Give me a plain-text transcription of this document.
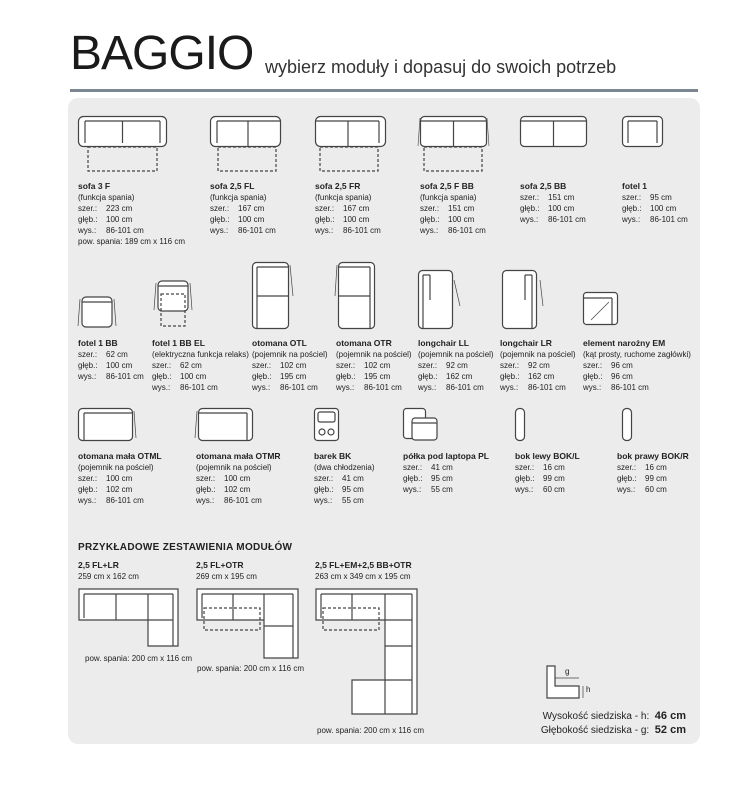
BAGGIO wybierz moduły i dopasuj do swoich potrzeb
sofa 3 F
(funkcja spania)
szer.: 223 cm
głęb.: 100 cm
wys.: 86-101 cm
pow. spania: 189 cm x 116 cm
sofa 2,5 FL
(funkcja spania)
szer.: 167 cm
głęb.: 100 cm
wys.: 86-101 cm
sofa 2,5 FR
(funkcja spania)
szer.: 167 cm
głęb.: 100 cm
wys.: 86-101 cm
sofa 2,5 F BB
(funkcja spania)
szer.: 151 cm
głęb.: 100 cm
wys.: 86-101 cm
sofa 2,5 BB
szer.: 151 cm
głęb.: 100 cm
wys.: 86-101 cm
fotel 1
szer.: 95 cm
głęb.: 100 cm
wys.: 86-101 cm
fotel 1 BB
szer.: 62 cm
głęb.: 100 cm
wys.: 86-101 cm
fotel 1 BB EL
(elektryczna funkcja relaks)
szer.: 62 cm
głęb.: 100 cm
wys.: 86-101 cm
otomana OTL
(pojemnik na pościel)
szer.: 102 cm
głęb.: 195 cm
wys.: 86-101 cm
otomana OTR
(pojemnik na pościel)
szer.: 102 cm
głęb.: 195 cm
wys.: 86-101 cm
longchair LL
(pojemnik na pościel)
szer.: 92 cm
głęb.: 162 cm
wys.: 86-101 cm
longchair LR
(pojemnik na pościel)
szer.: 92 cm
głęb.: 162 cm
wys.: 86-101 cm
element narożny EM
(kąt prosty, ruchome zagłówki)
szer.: 96 cm
głęb.: 96 cm
wys.: 86-101 cm
otomana mała OTML
(pojemnik na pościel)
szer.: 100 cm
głęb.: 102 cm
wys.: 86-101 cm
otomana mała OTMR
(pojemnik na pościel)
szer.: 100 cm
głęb.: 102 cm
wys.: 86-101 cm
barek BK
(dwa chłodzenia)
szer.: 41 cm
głęb.: 95 cm
wys.: 55 cm
półka pod laptopa PL
szer.: 41 cm
głęb.: 95 cm
wys.: 55 cm
bok lewy BOK/L
szer.: 16 cm
głęb.: 99 cm
wys.: 60 cm
bok prawy BOK/R
szer.: 16 cm
głęb.: 99 cm
wys.: 60 cm
PRZYKŁADOWE ZESTAWIENIA MODUŁÓW
2,5 FL+LR
259 cm x 162 cm
pow. spania: 200 cm x 116 cm
2,5 FL+OTR
269 cm x 195 cm
pow. spania: 200 cm x 116 cm
2,5 FL+EM+2,5 BB+OTR
263 cm x 349 cm x 195 cm
pow. spania: 200 cm x 116 cm
g
h
Wysokość siedziska - h: 46 cm
Głębokość siedziska - g: 52 cm
